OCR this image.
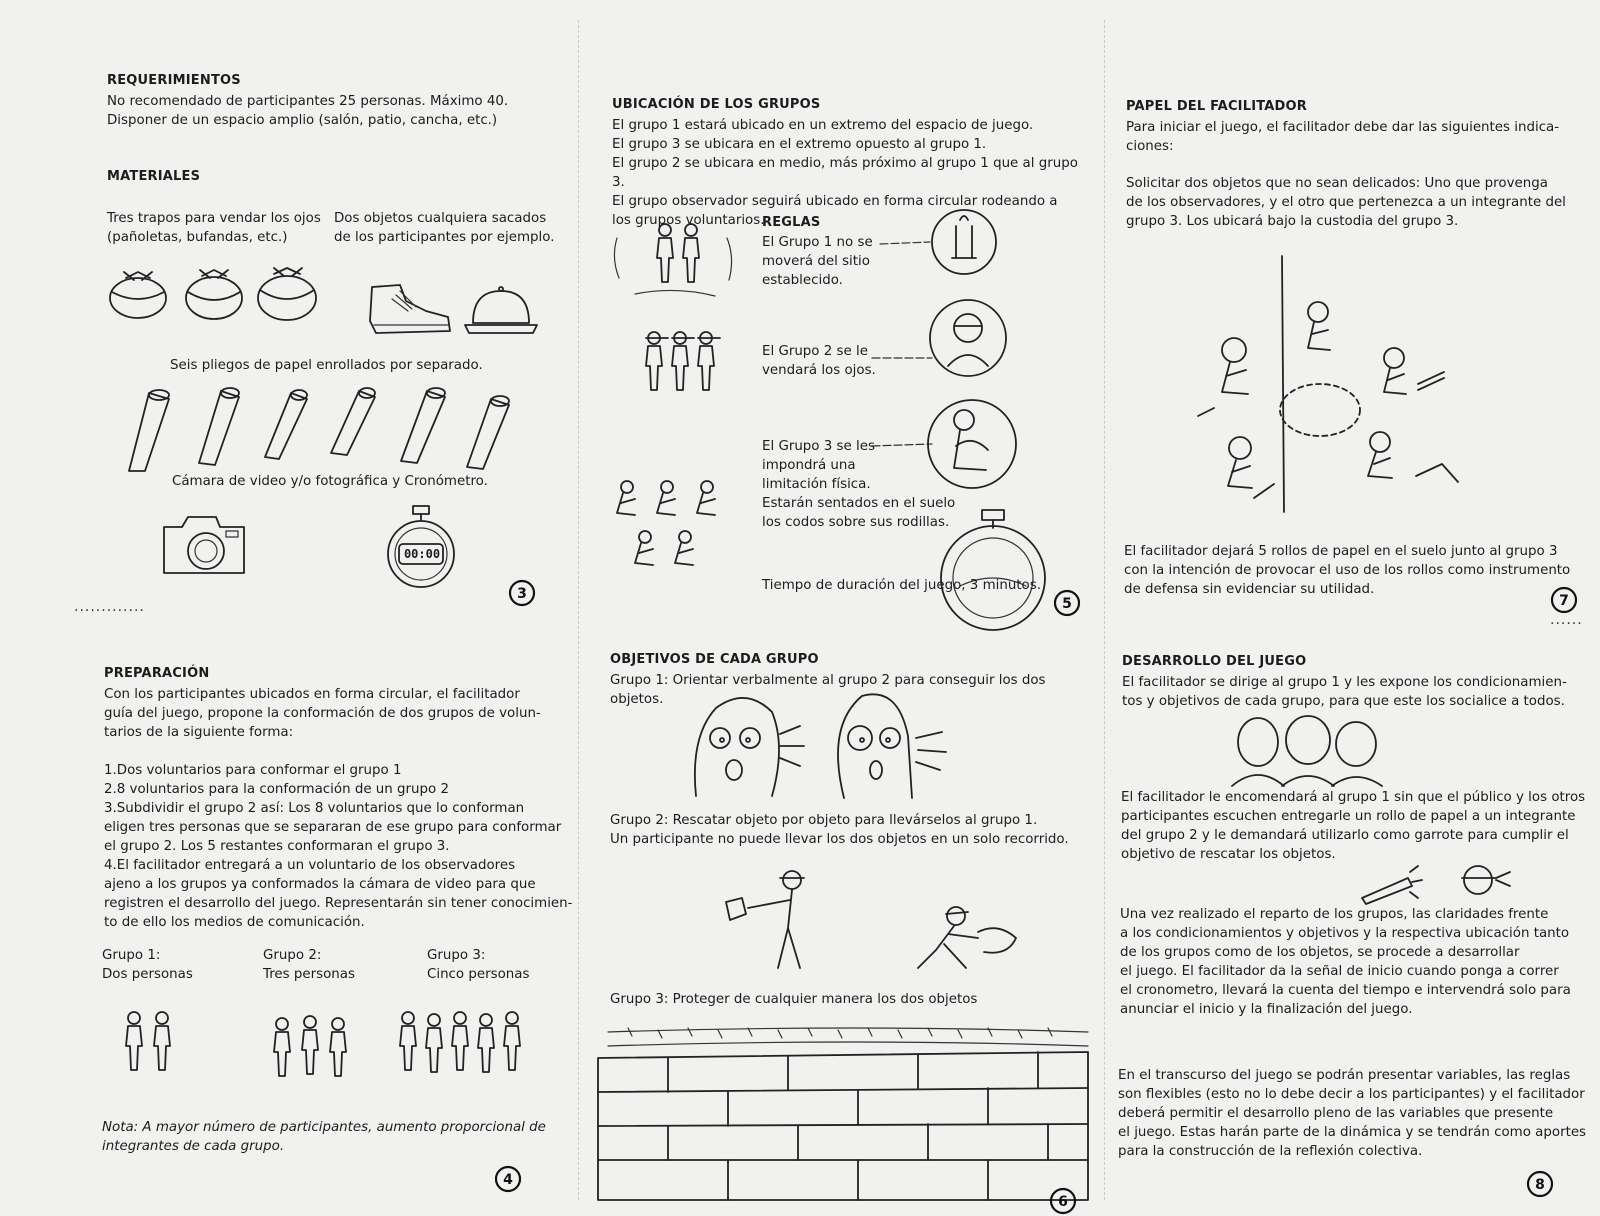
REQUERIMIENTOS

No recomendado de participantes 25 personas. Máximo 40.
Disponer de un espacio amplio (salón, patio, cancha, etc.)

MATERIALES

Tres trapos para vendar los ojos
(pañoletas, bufandas, etc.)

Dos objetos cualquiera sacados
de los participantes por ejemplo.

Seis pliegos de papel enrollados por separado.

Cámara de video y/o fotográfica y Cronómetro.

00:00
.............
3

PREPARACIÓN

Con los participantes ubicados en forma circular, el facilitador
guía del juego, propone la conformación de dos grupos de volun-
tarios de la siguiente forma:

1.Dos voluntarios para conformar el grupo 1
2.8 voluntarios para la conformación de un grupo 2
3.Subdividir el grupo 2 así: Los 8 voluntarios que lo conforman
eligen tres personas que se separaran de ese grupo para conformar
el grupo 2. Los 5 restantes conformaran el grupo 3.
4.El facilitador entregará a un voluntario de los observadores
ajeno a los grupos ya conformados la cámara de video para que
registren el desarrollo del juego. Representarán sin tener conocimien-
to de ello los medios de comunicación.

Grupo 1:

Dos personas

Grupo 2:

Tres personas

Grupo 3:

Cinco personas

Nota: A mayor número de participantes, aumento proporcional de
integrantes de cada grupo.

4

UBICACIÓN DE LOS GRUPOS

El grupo 1 estará ubicado en un extremo del espacio de juego.
El grupo 3 se ubicara en el extremo opuesto al grupo 1.
El grupo 2 se ubicara en medio, más próximo al grupo 1 que al grupo 3.
El grupo observador seguirá ubicado en forma circular rodeando a
los grupos voluntarios.

REGLAS

El Grupo 1 no se
moverá del sitio
establecido.

El Grupo 2 se le
vendará los ojos.

El Grupo 3 se les
impondrá una
limitación física.
Estarán sentados en el suelo
los codos sobre sus rodillas.

Tiempo de duración del juego, 3 minutos.

5

OBJETIVOS DE CADA GRUPO

Grupo 1: Orientar verbalmente al grupo 2 para conseguir los dos objetos.

Grupo 2: Rescatar objeto por objeto para llevárselos al grupo 1.
Un participante no puede llevar los dos objetos en un solo recorrido.

Grupo 3: Proteger de cualquier manera los dos objetos

6

PAPEL DEL FACILITADOR

Para iniciar el juego, el facilitador debe dar las siguientes indica-
ciones:

Solicitar dos objetos que no sean delicados: Uno que provenga
de los observadores, y el otro que pertenezca a un integrante del
grupo 3. Los ubicará bajo la custodia del grupo 3.

El facilitador dejará 5 rollos de papel en el suelo junto al grupo 3
con la intención de provocar el uso de los rollos como instrumento
de defensa sin evidenciar su utilidad.

7
......

DESARROLLO DEL JUEGO

El facilitador se dirige al grupo 1 y les expone los condicionamien-
tos y objetivos de cada grupo, para que este los socialice a todos.

El facilitador le encomendará al grupo 1 sin que el público y los otros
participantes escuchen entregarle un rollo de papel a un integrante
del grupo 2 y le demandará utilizarlo como garrote para cumplir el
objetivo de rescatar los objetos.

Una vez realizado el reparto de los grupos, las claridades frente
a los condicionamientos y objetivos y la respectiva ubicación tanto
de los grupos como de los objetos, se procede a desarrollar
el juego. El facilitador da la señal de inicio cuando ponga a correr
el cronometro, llevará la cuenta del tiempo e intervendrá solo para
anunciar el inicio y la finalización del juego.

En el transcurso del juego se podrán presentar variables, las reglas
son flexibles (esto no lo debe decir a los participantes) y el facilitador
deberá permitir el desarrollo pleno de las variables que presente
el juego. Estas harán parte de la dinámica y se tendrán como aportes
para la construcción de la reflexión colectiva.

8
